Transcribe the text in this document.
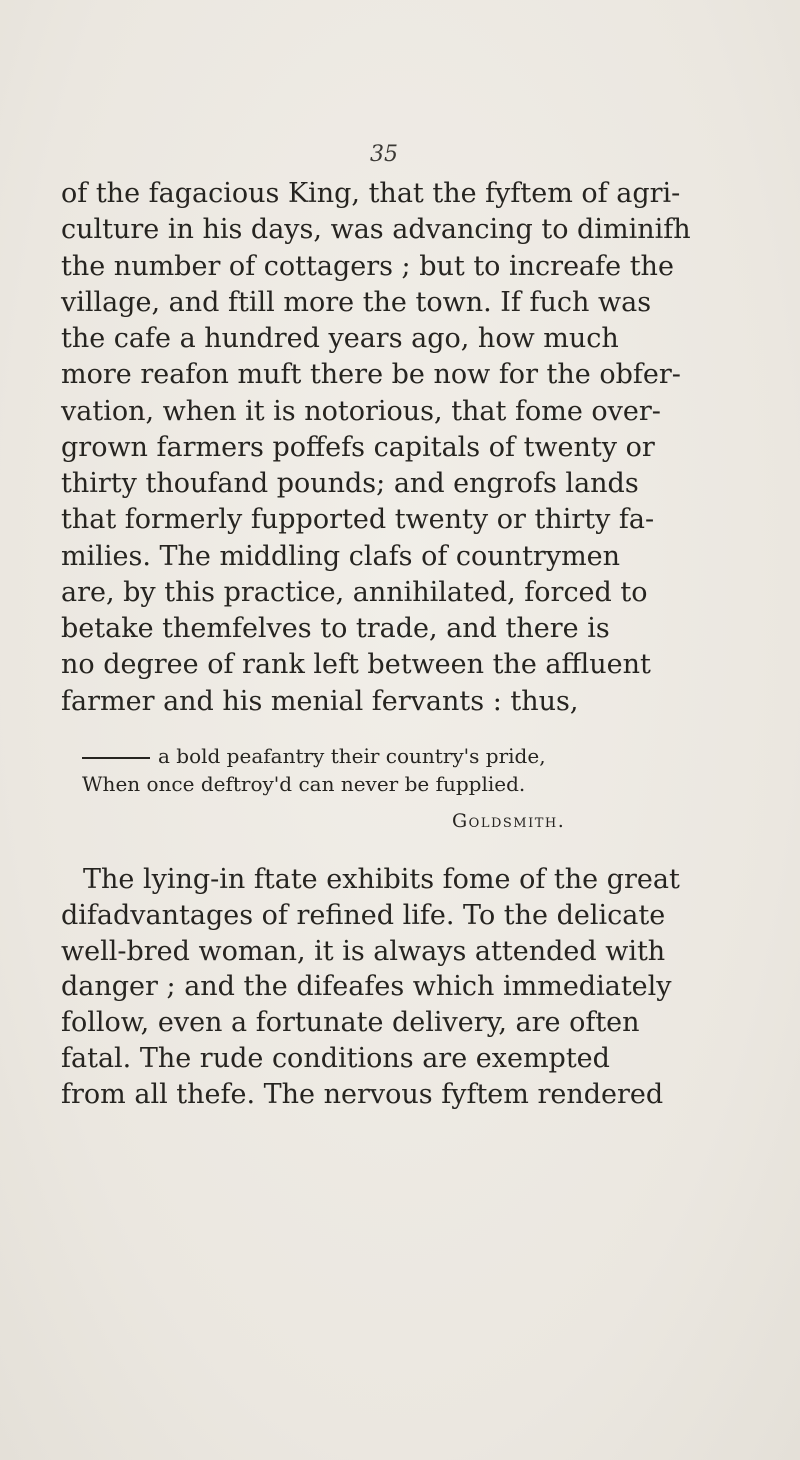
35
of the fagacious King, that the fyftem of agri-
culture in his days, was advancing to diminifh
the number of cottagers ; but to increafe the
village, and ftill more the town. If fuch was
the cafe a hundred years ago, how much
more reafon muft there be now for the obfer-
vation, when it is notorious, that fome over-
grown farmers poffefs capitals of twenty or
thirty thoufand pounds; and engrofs lands
that formerly fupported twenty or thirty fa-
milies. The middling clafs of countrymen
are, by this practice, annihilated, forced to
betake themfelves to trade, and there is
no degree of rank left between the affluent
farmer and his menial fervants : thus,
a bold peafantry their country's pride,
When once deftroy'd can never be fupplied.
Goldsmith.
The lying-in ftate exhibits fome of the great
difadvantages of refined life. To the delicate
well-bred woman, it is always attended with
danger ; and the difeafes which immediately
follow, even a fortunate delivery, are often
fatal. The rude conditions are exempted
from all thefe. The nervous fyftem rendered
